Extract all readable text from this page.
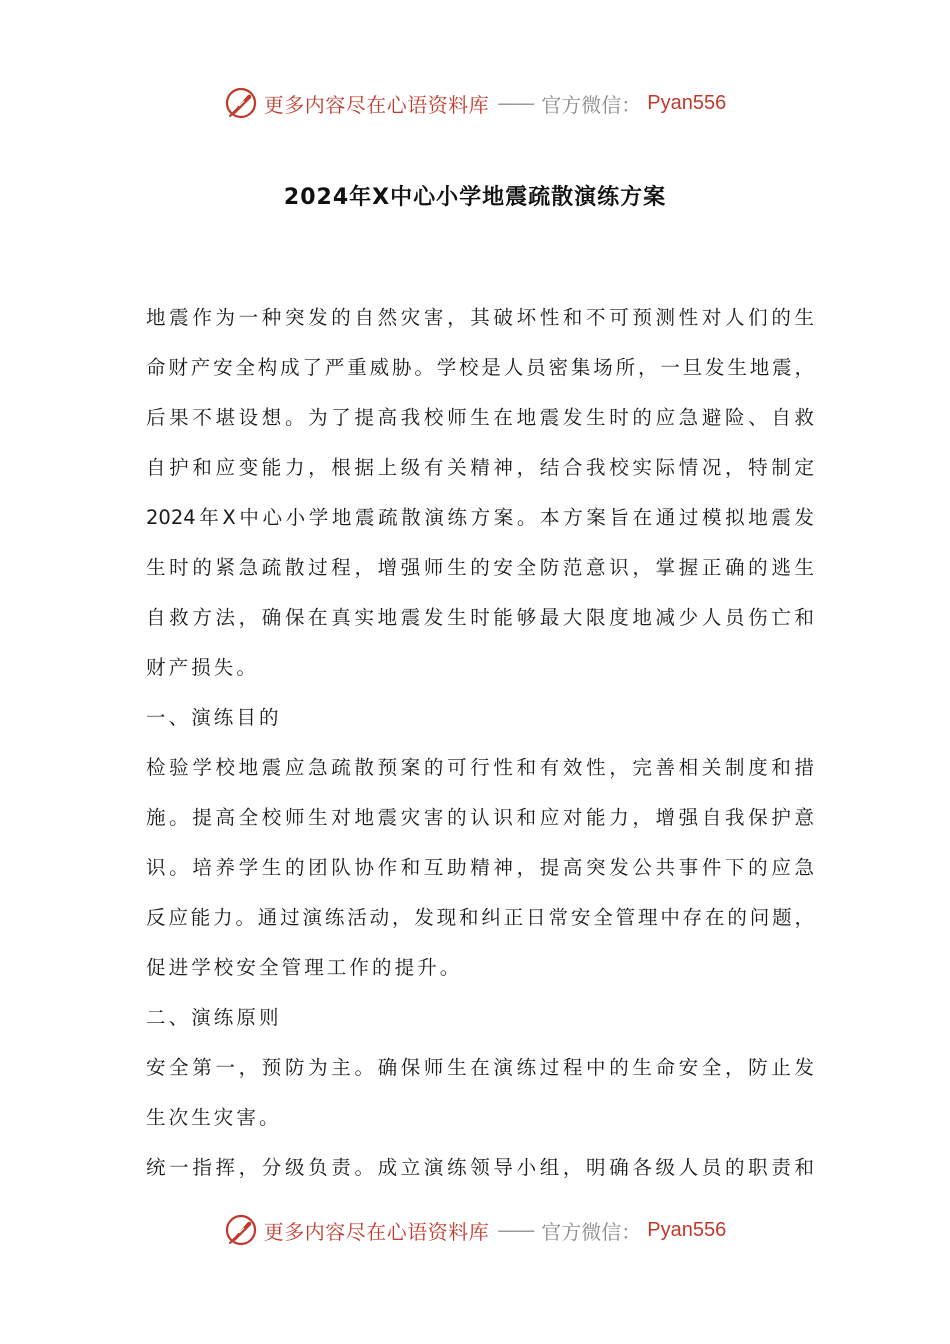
更多内容尽在心语资料库 —— 官方微信： Pyan556
2024年X中心小学地震疏散演练方案
地震作为一种突发的自然灾害，其破坏性和不可预测性对人们的生
命财产安全构成了严重威胁。学校是人员密集场所，一旦发生地震，
后果不堪设想。为了提高我校师生在地震发生时的应急避险、自救
自护和应变能力，根据上级有关精神，结合我校实际情况，特制定
2024年X中心小学地震疏散演练方案。本方案旨在通过模拟地震发
生时的紧急疏散过程，增强师生的安全防范意识，掌握正确的逃生
自救方法，确保在真实地震发生时能够最大限度地减少人员伤亡和
财产损失。
一、演练目的
检验学校地震应急疏散预案的可行性和有效性，完善相关制度和措
施。提高全校师生对地震灾害的认识和应对能力，增强自我保护意
识。培养学生的团队协作和互助精神，提高突发公共事件下的应急
反应能力。通过演练活动，发现和纠正日常安全管理中存在的问题，
促进学校安全管理工作的提升。
二、演练原则
安全第一，预防为主。确保师生在演练过程中的生命安全，防止发
生次生灾害。
统一指挥，分级负责。成立演练领导小组，明确各级人员的职责和
更多内容尽在心语资料库 —— 官方微信： Pyan556
